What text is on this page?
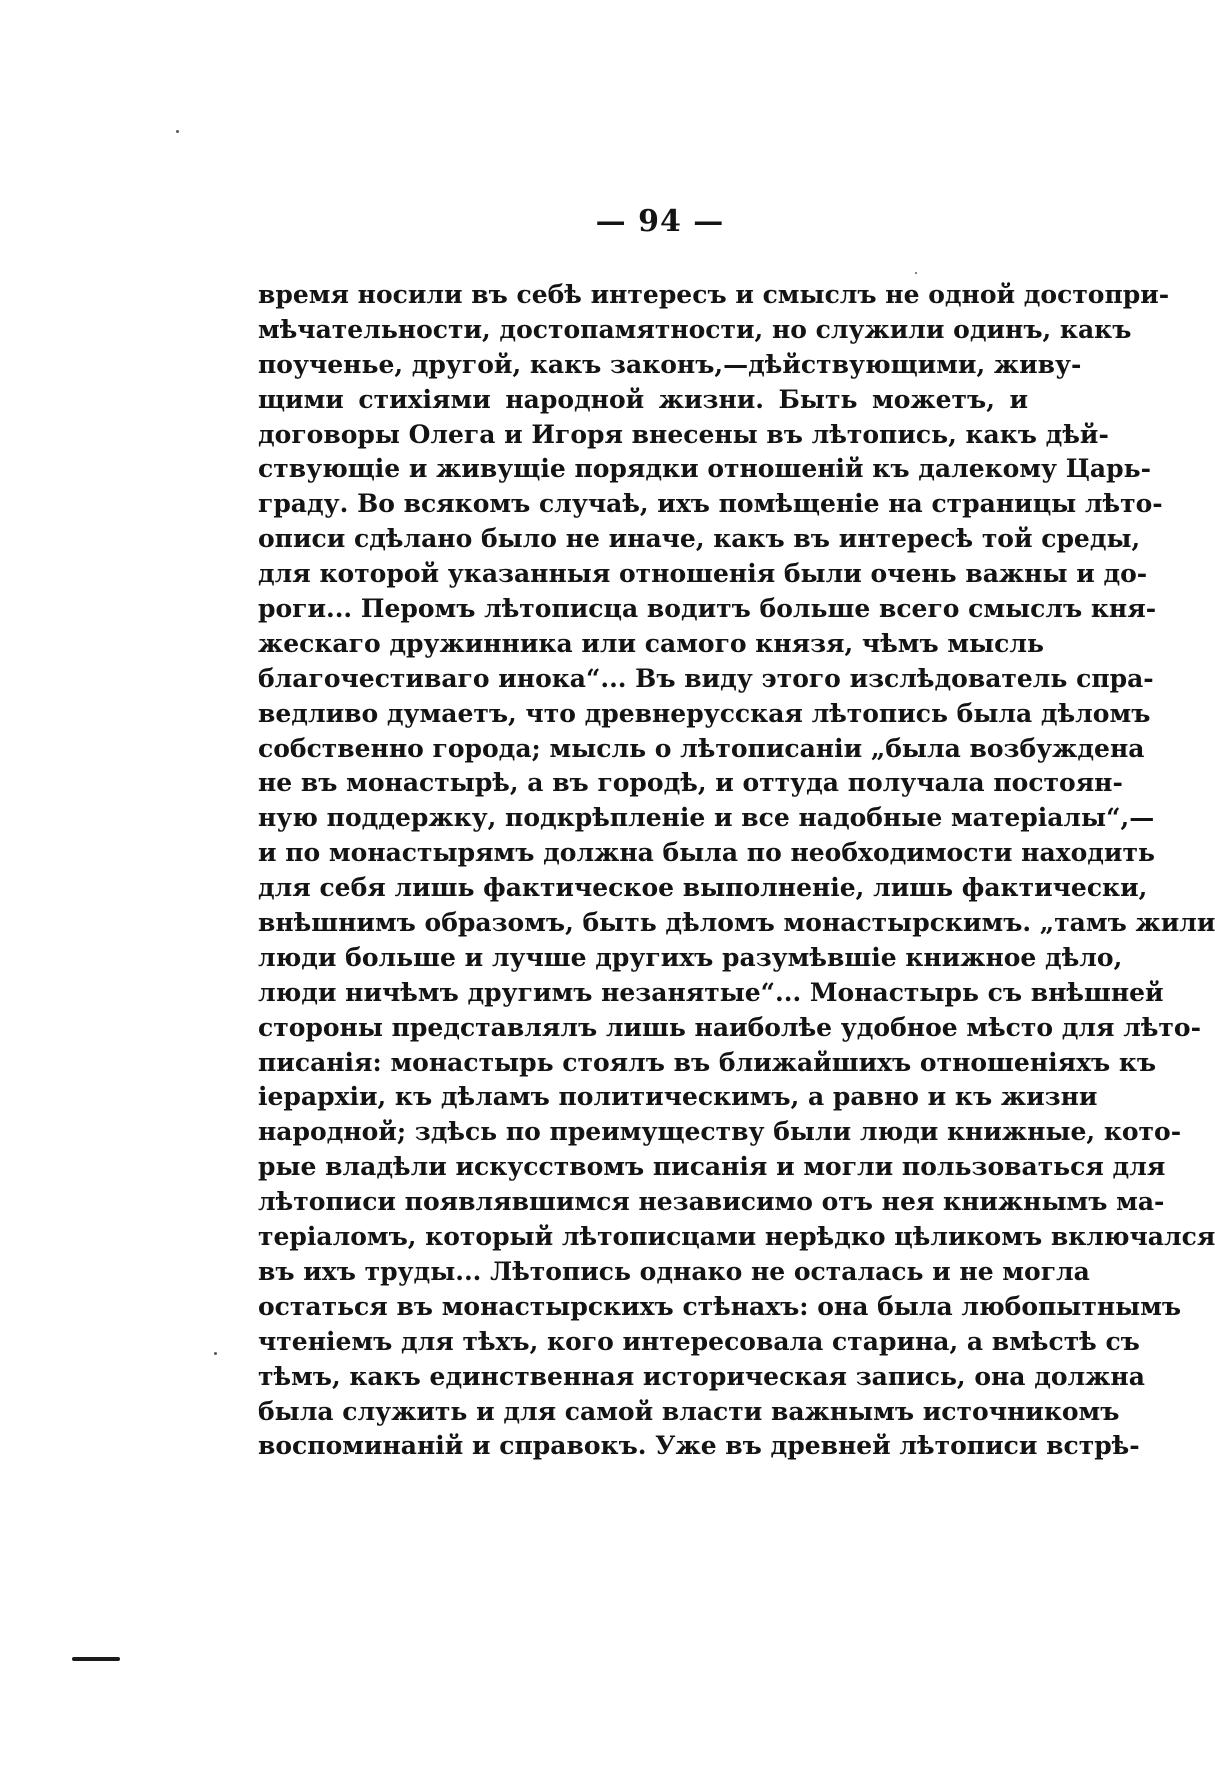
— 94 —
время носили въ себѣ интересъ и смыслъ не одной достопри-
мѣчательности, достопамятности, но служили одинъ, какъ
поученье, другой, какъ законъ,—дѣйствующими, живу-
щими стихіями народной жизни. Быть можетъ, и
договоры Олега и Игоря внесены въ лѣтопись, какъ дѣй-
ствующіе и живущіе порядки отношеній къ далекому Царь-
граду. Во всякомъ случаѣ, ихъ помѣщеніе на страницы лѣто-
описи сдѣлано было не иначе, какъ въ интересѣ той среды,
для которой указанныя отношенія были очень важны и до-
роги... Перомъ лѣтописца водитъ больше всего смыслъ кня-
жескаго дружинника или самого князя, чѣмъ мысль
благочестиваго инока“... Въ виду этого изслѣдователь спра-
ведливо думаетъ, что древнерусская лѣтопись была дѣломъ
собственно города; мысль о лѣтописаніи „была возбуждена
не въ монастырѣ, а въ городѣ, и оттуда получала постоян-
ную поддержку, подкрѣпленіе и все надобные матеріалы“,—
и по монастырямъ должна была по необходимости находить
для себя лишь фактическое выполненіе, лишь фактически,
внѣшнимъ образомъ, быть дѣломъ монастырскимъ. „тамъ жили
люди больше и лучше другихъ разумѣвшіе книжное дѣло,
люди ничѣмъ другимъ незанятые“... Монастырь съ внѣшней
стороны представлялъ лишь наиболѣе удобное мѣсто для лѣто-
писанія: монастырь стоялъ въ ближайшихъ отношеніяхъ къ
іерархіи, къ дѣламъ политическимъ, а равно и къ жизни
народной; здѣсь по преимуществу были люди книжные, кото-
рые владѣли искусствомъ писанія и могли пользоваться для
лѣтописи появлявшимся независимо отъ нея книжнымъ ма-
теріаломъ, который лѣтописцами нерѣдко цѣликомъ включался
въ ихъ труды... Лѣтопись однако не осталась и не могла
остаться въ монастырскихъ стѣнахъ: она была любопытнымъ
чтеніемъ для тѣхъ, кого интересовала старина, а вмѣстѣ съ
тѣмъ, какъ единственная историческая запись, она должна
была служить и для самой власти важнымъ источникомъ
воспоминаній и справокъ. Уже въ древней лѣтописи встрѣ-
